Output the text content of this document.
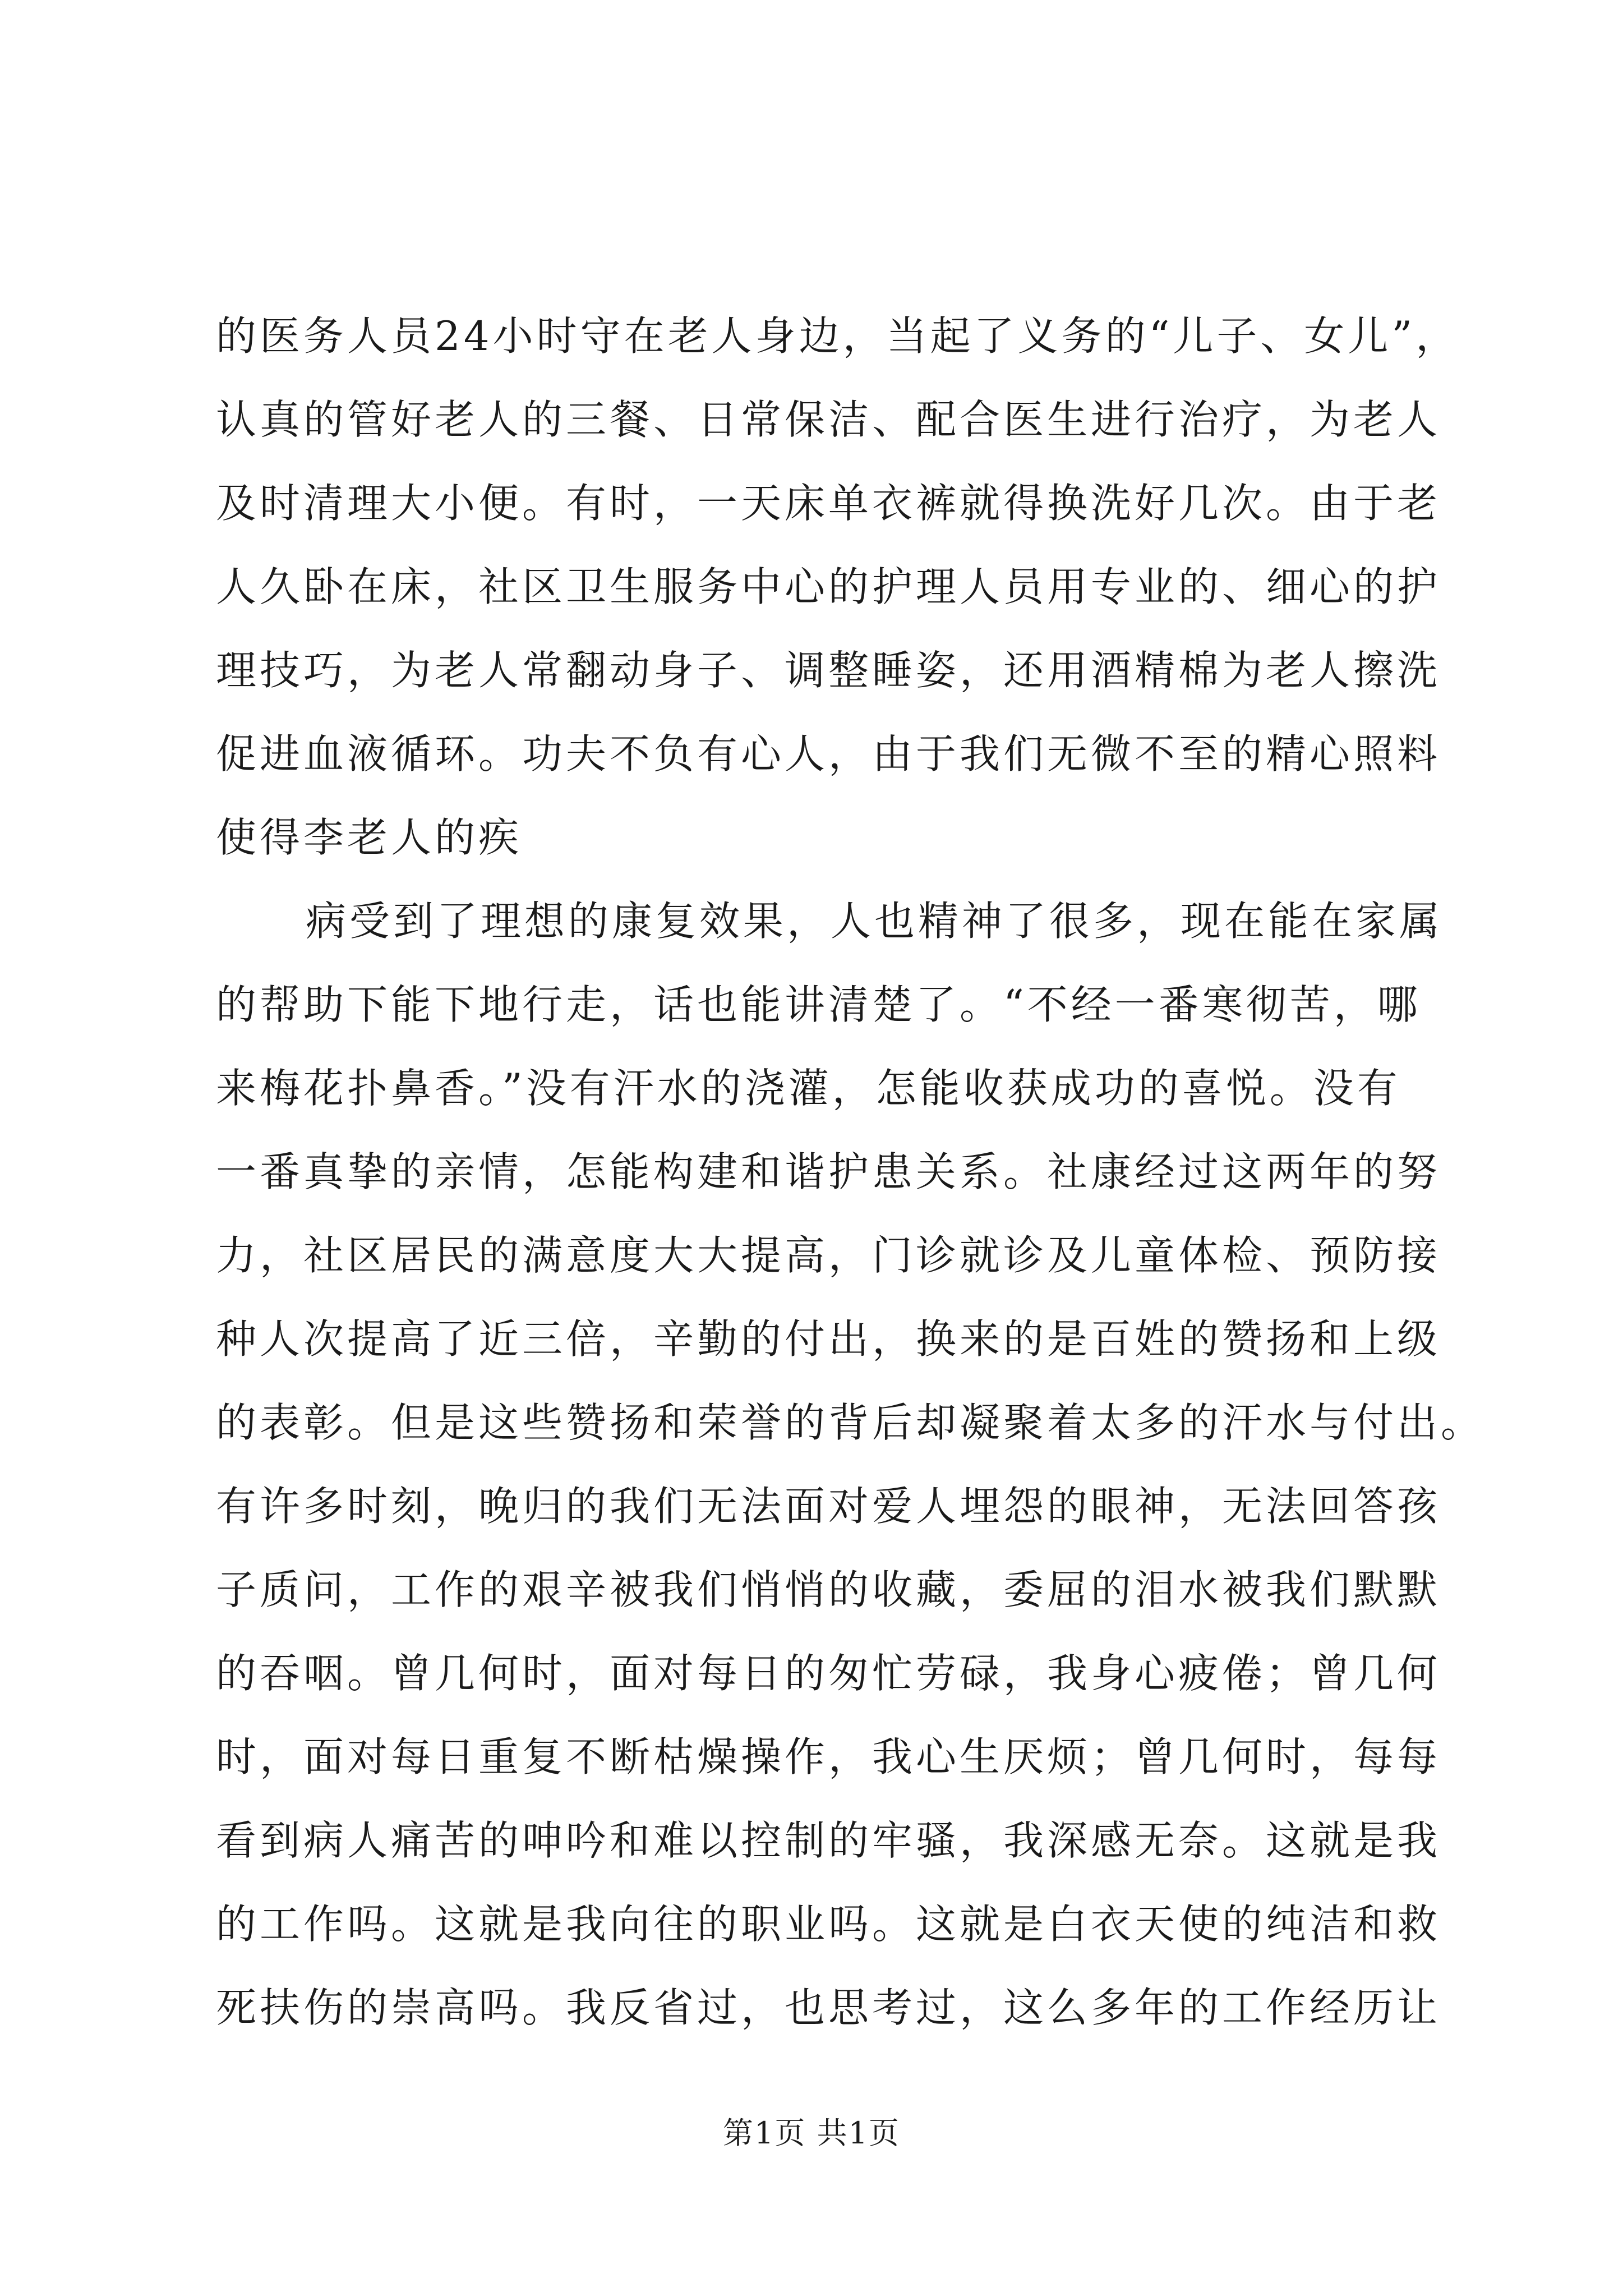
的医务人员24小时守在老人身边，当起了义务的“儿子、女儿”，
认真的管好老人的三餐、日常保洁、配合医生进行治疗，为老人
及时清理大小便。有时，一天床单衣裤就得换洗好几次。由于老
人久卧在床，社区卫生服务中心的护理人员用专业的、细心的护
理技巧，为老人常翻动身子、调整睡姿，还用酒精棉为老人擦洗
促进血液循环。功夫不负有心人，由于我们无微不至的精心照料
使得李老人的疾
病受到了理想的康复效果，人也精神了很多，现在能在家属
的帮助下能下地行走，话也能讲清楚了。“不经一番寒彻苦，哪
来梅花扑鼻香。”没有汗水的浇灌，怎能收获成功的喜悦。没有
一番真挚的亲情，怎能构建和谐护患关系。社康经过这两年的努
力，社区居民的满意度大大提高，门诊就诊及儿童体检、预防接
种人次提高了近三倍，辛勤的付出，换来的是百姓的赞扬和上级
的表彰。但是这些赞扬和荣誉的背后却凝聚着太多的汗水与付出。
有许多时刻，晚归的我们无法面对爱人埋怨的眼神，无法回答孩
子质问，工作的艰辛被我们悄悄的收藏，委屈的泪水被我们默默
的吞咽。曾几何时，面对每日的匆忙劳碌，我身心疲倦；曾几何
时，面对每日重复不断枯燥操作，我心生厌烦；曾几何时，每每
看到病人痛苦的呻吟和难以控制的牢骚，我深感无奈。这就是我
的工作吗。这就是我向往的职业吗。这就是白衣天使的纯洁和救
死扶伤的崇高吗。我反省过，也思考过，这么多年的工作经历让
第1页 共1页
